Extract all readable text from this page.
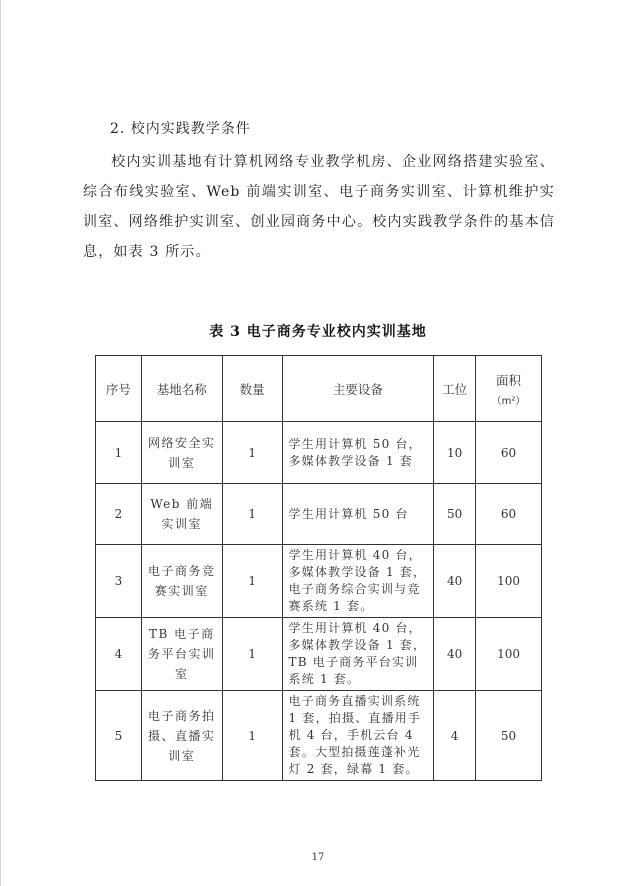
2. 校内实践教学条件
校内实训基地有计算机网络专业教学机房、企业网络搭建实验室、综合布线实验室、Web 前端实训室、电子商务实训室、计算机维护实训室、网络维护实训室、创业园商务中心。校内实践教学条件的基本信息，如表 3 所示。
表 3 电子商务专业校内实训基地
序号	基地名称	数量	主要设备	工位	面积
（m²）

1	网络安全实训室	1	学生用计算机 50 台，多媒体教学设备 1 套	10	60
2	Web 前端实训室	1	学生用计算机 50 台	50	60
3	电子商务竞赛实训室	1	学生用计算机 40 台，多媒体教学设备 1 套，电子商务综合实训与竞赛系统 1 套。	40	100
4	TB 电子商务平台实训室	1	学生用计算机 40 台，多媒体教学设备 1 套，TB 电子商务平台实训系统 1 套。	40	100
5	电子商务拍摄、直播实训室	1	电子商务直播实训系统 1 套，拍摄、直播用手机 4 台，手机云台 4 套。大型拍摄莲蓬补光灯 2 套，绿幕 1 套。	4	50
17
